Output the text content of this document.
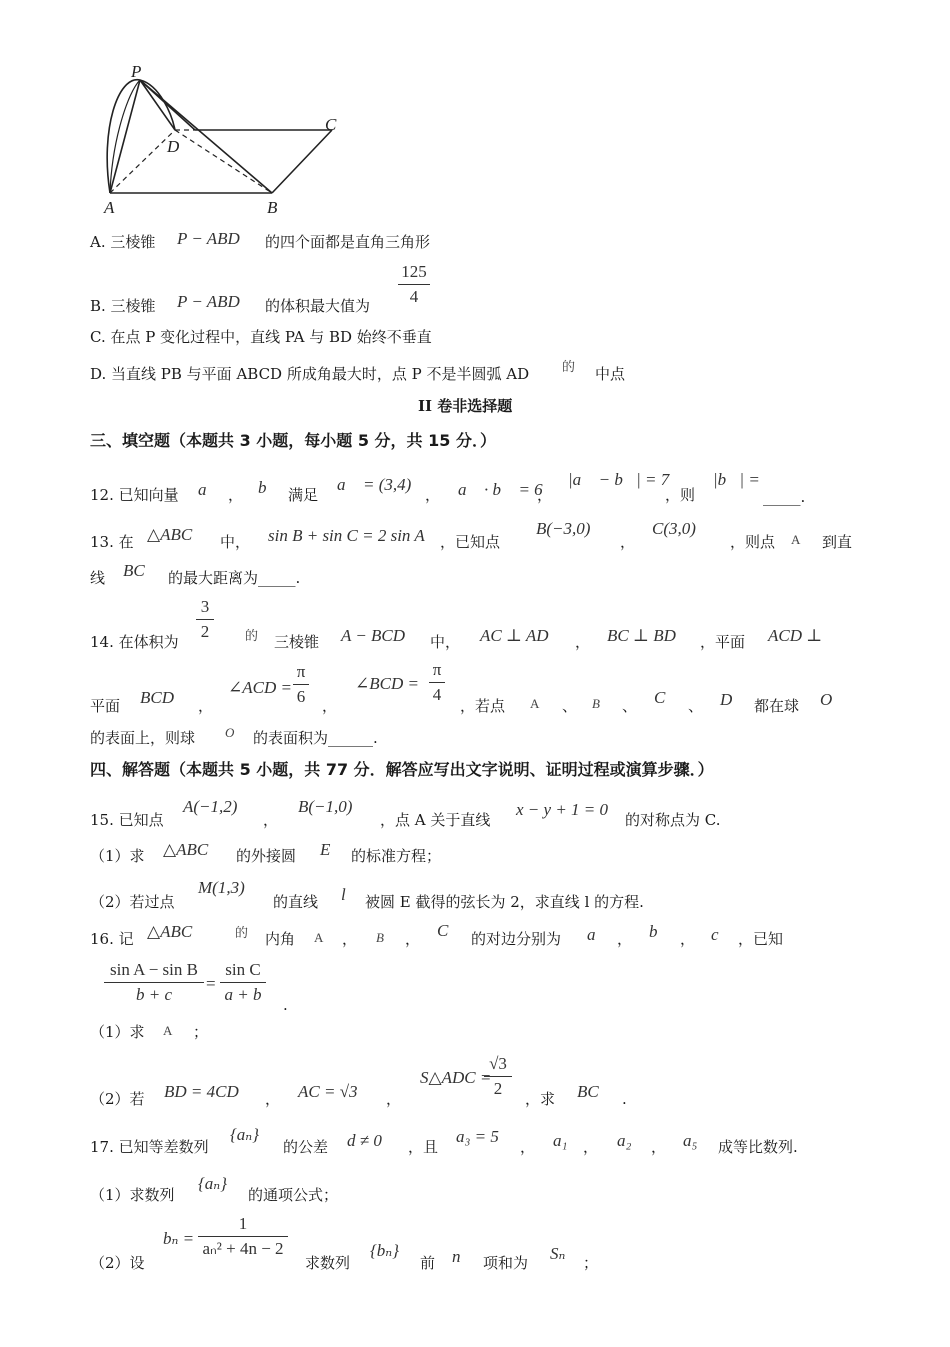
P
D
C
A	B
A. 三棱锥 P − ABD 的四个面都是直角三角形
B. 三棱锥 P − ABD 的体积最大值为
125
4
C. 在点 P 变化过程中，直线 PA 与 BD 始终不垂直
D. 当直线 PB 与平面 ABCD 所成角最大时，点 P 不是半圆弧 AD	的 中点
II 卷非选择题
三、填空题（本题共 3 小题，每小题 5 分，共 15 分．）
12. 已知向量 a⃗ ， b⃗ 满足
a⃗ = (3,4)
， a⃗ · b⃗ = 6
，
|a⃗ − b⃗| = 7
，则
|b⃗| =
_____.
13. 在 △ABC 中， sin B + sin C = 2 sin A ，已知点
B(−3,0)
，
C(3,0)
，则点 A 到直
线 BC 的最大距离为_____.
14. 在体积为
3
2	的 三棱锥 A − BCD 中， AC ⊥ AD ， BC ⊥ BD ，平面 ACD ⊥
平面 BCD ，
∠ACD =
π
6 ，
∠BCD =
π
4
，若点 A 、 B 、 C 、 D 都在球 O
的表面上，则球 O 的表面积为______.
四、解答题（本题共 5 小题，共 77 分．解答应写出文字说明、证明过程或演算步骤．）
15. 已知点
A(−1,2)
，
B(−1,0)
，点 A 关于直线
x − y + 1 = 0
的对称点为 C.
（1）求 △ABC 的外接圆 E 的标准方程；
（2）若过点
M(1,3)
的直线 l 被圆 E 截得的弦长为 2，求直线 l 的方程.
16. 记 △ABC	的 内角 A ， B ， C 的对边分别为 a ， b ， c ，已知
sin A − sin B
b + c
=
sin C
a + b
.
（1）求 A ；
（2）若 BD = 4CD ， AC = √3 ，
S△ADC =
√3
2
，求 BC .
17. 已知等差数列
{aₙ}
的公差 d ≠ 0 ，且
a₃ = 5
， a₁ ， a₂ ， a₅ 成等比数列.
（1）求数列
{aₙ}
的通项公式；
（2）设
bₙ =
1
aₙ² + 4n − 2
求数列
{bₙ}
前 n 项和为 Sₙ ；
